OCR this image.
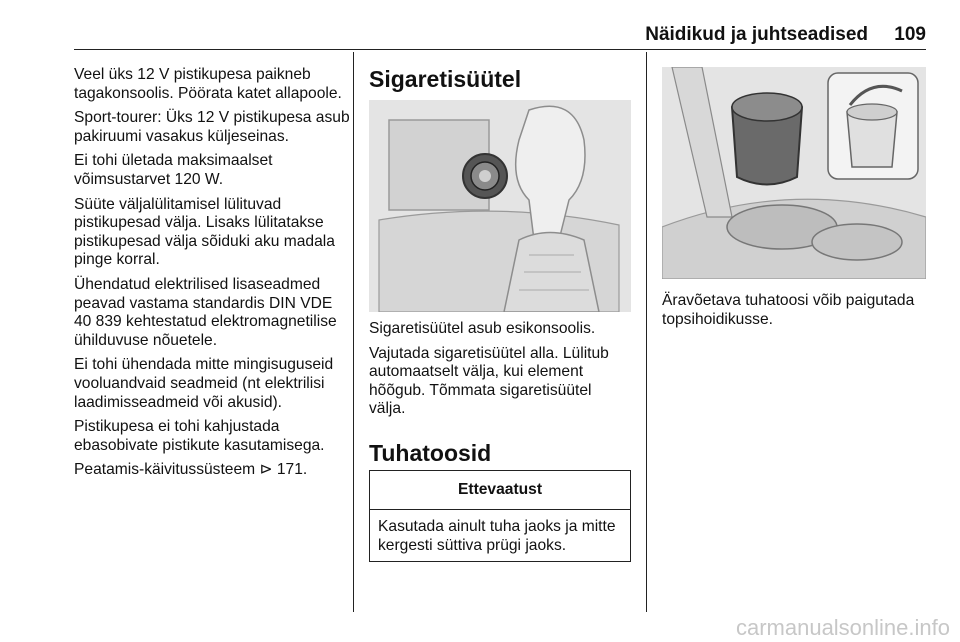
Näidikud ja juhtseadised	109

Veel üks 12 V pistikupesa paikneb tagakonsoolis. Pöörata katet allapoole.

Sport-tourer: Üks 12 V pistikupesa asub pakiruumi vasakus küljeseinas.

Ei tohi ületada maksimaalset võimsustarvet 120 W.

Süüte väljalülitamisel lülituvad pistikupesad välja. Lisaks lülitatakse pistikupesad välja sõiduki aku madala pinge korral.

Ühendatud elektrilised lisaseadmed peavad vastama standardis DIN VDE 40 839 kehtestatud elektromagnetilise ühilduvuse nõuetele.

Ei tohi ühendada mitte mingisuguseid vooluandvaid seadmeid (nt elektrilisi laadimisseadmeid või akusid).

Pistikupesa ei tohi kahjustada ebasobivate pistikute kasutamisega.

Peatamis-käivitussüsteem ⊳ 171.

Sigaretisüütel

Sigaretisüütel asub esikonsoolis.

Vajutada sigaretisüütel alla. Lülitub automaatselt välja, kui element hõõgub. Tõmmata sigaretisüütel välja.

Tuhatoosid
Ettevaatust
Kasutada ainult tuha jaoks ja mitte kergesti süttiva prügi jaoks.

Äravõetava tuhatoosi võib paigutada topsihoidikusse.

carmanualsonline.info
